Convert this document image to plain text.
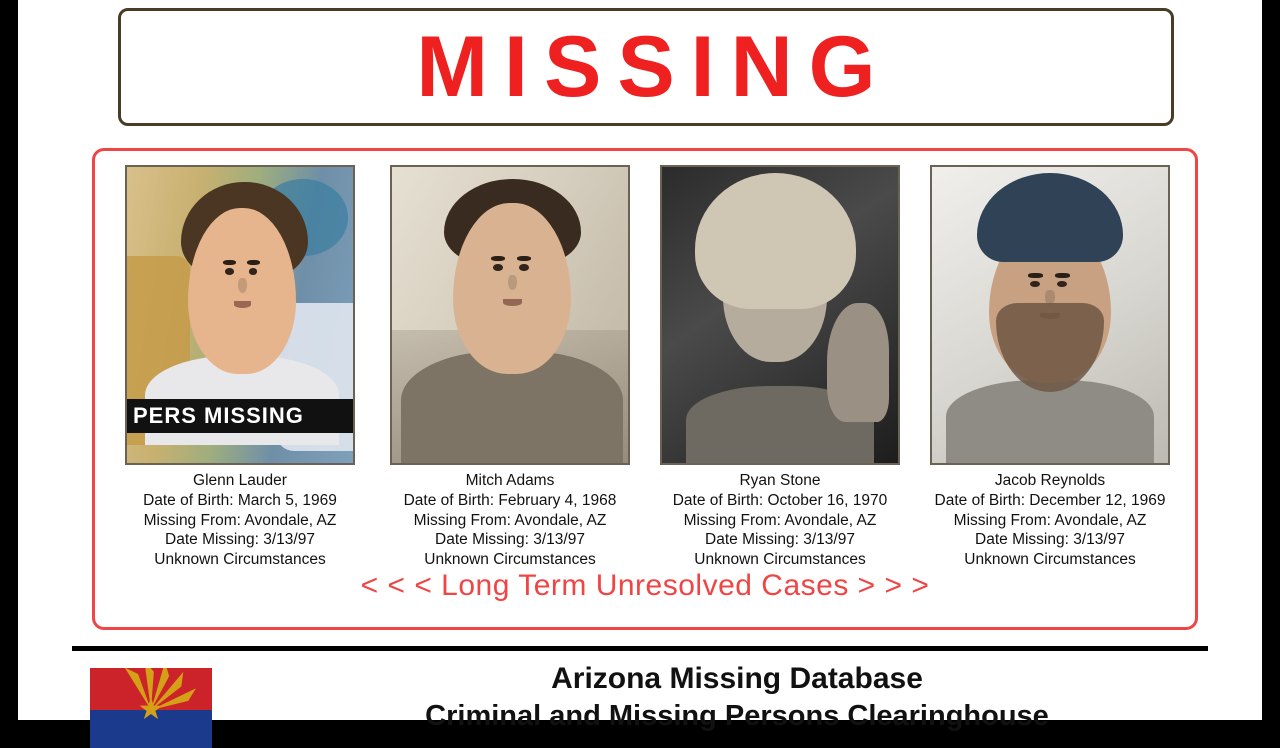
MISSING
PERS MISSING
Glenn Lauder
Date of Birth: March 5, 1969
Missing From: Avondale, AZ
Date Missing: 3/13/97
Unknown Circumstances
Mitch Adams
Date of Birth: February 4, 1968
Missing From: Avondale, AZ
Date Missing: 3/13/97
Unknown Circumstances
Ryan Stone
Date of Birth: October 16, 1970
Missing From: Avondale, AZ
Date Missing: 3/13/97
Unknown Circumstances
Jacob Reynolds
Date of Birth: December 12, 1969
Missing From: Avondale, AZ
Date Missing: 3/13/97
Unknown Circumstances
< < < Long Term Unresolved Cases > > >
★
Arizona Missing Database
Criminal and Missing Persons Clearinghouse
